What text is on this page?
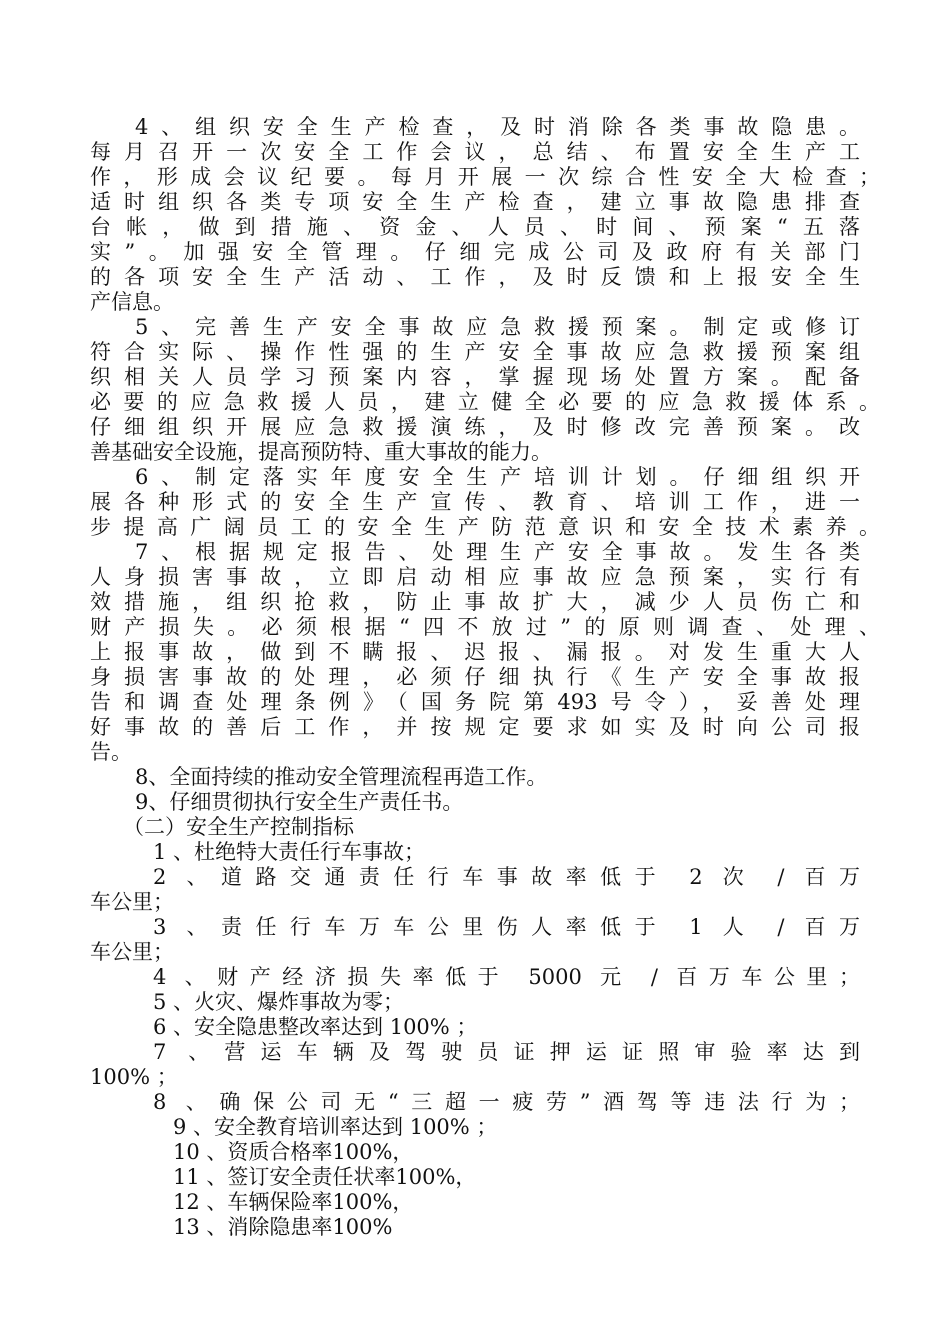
4、组织安全生产检查，及时消除各类事故隐患。

每月召开一次安全工作会议，总结、布置安全生产工

作，形成会议纪要。每月开展一次综合性安全大检查；

适时组织各类专项安全生产检查，建立事故隐患排查

台帐，做到措施、资金、人员、时间、预案“五落

实”。加强安全管理。仔细完成公司及政府有关部门

的各项安全生产活动、工作，及时反馈和上报安全生

产信息。

5、完善生产安全事故应急救援预案。制定或修订

符合实际、操作性强的生产安全事故应急救援预案组

织相关人员学习预案内容，掌握现场处置方案。配备

必要的应急救援人员，建立健全必要的应急救援体系。

仔细组织开展应急救援演练，及时修改完善预案。改

善基础安全设施，提高预防特、重大事故的能力。

6、制定落实年度安全生产培训计划。仔细组织开

展各种形式的安全生产宣传、教育、培训工作，进一

步提高广阔员工的安全生产防范意识和安全技术素养。

7、根据规定报告、处理生产安全事故。发生各类

人身损害事故，立即启动相应事故应急预案，实行有

效措施，组织抢救，防止事故扩大，减少人员伤亡和

财产损失。必须根据“四不放过”的原则调查、处理、

上报事故，做到不瞒报、迟报、漏报。对发生重大人

身损害事故的处理，必须仔细执行《生产安全事故报

告和调查处理条例》（国务院第493号令），妥善处理

好事故的善后工作，并按规定要求如实及时向公司报

告。

8、全面持续的推动安全管理流程再造工作。

9、仔细贯彻执行安全生产责任书。

（二）安全生产控制指标

1 、杜绝特大责任行车事故；

2 、道路交通责任行车事故率低于 2 次 / 百万

车公里；

3 、责任行车万车公里伤人率低于 1 人 / 百万

车公里；

4 、财产经济损失率低于 5000 元 / 百万车公里；

5 、火灾、爆炸事故为零；

6 、安全隐患整改率达到 100% ；

7 、营运车辆及驾驶员证押运证照审验率达到

100% ；

8 、确保公司无“三超一疲劳”酒驾等违法行为；

9 、安全教育培训率达到 100% ；

10 、资质合格率100%，

11 、签订安全责任状率100%，

12 、车辆保险率100%，

13 、消除隐患率100%
